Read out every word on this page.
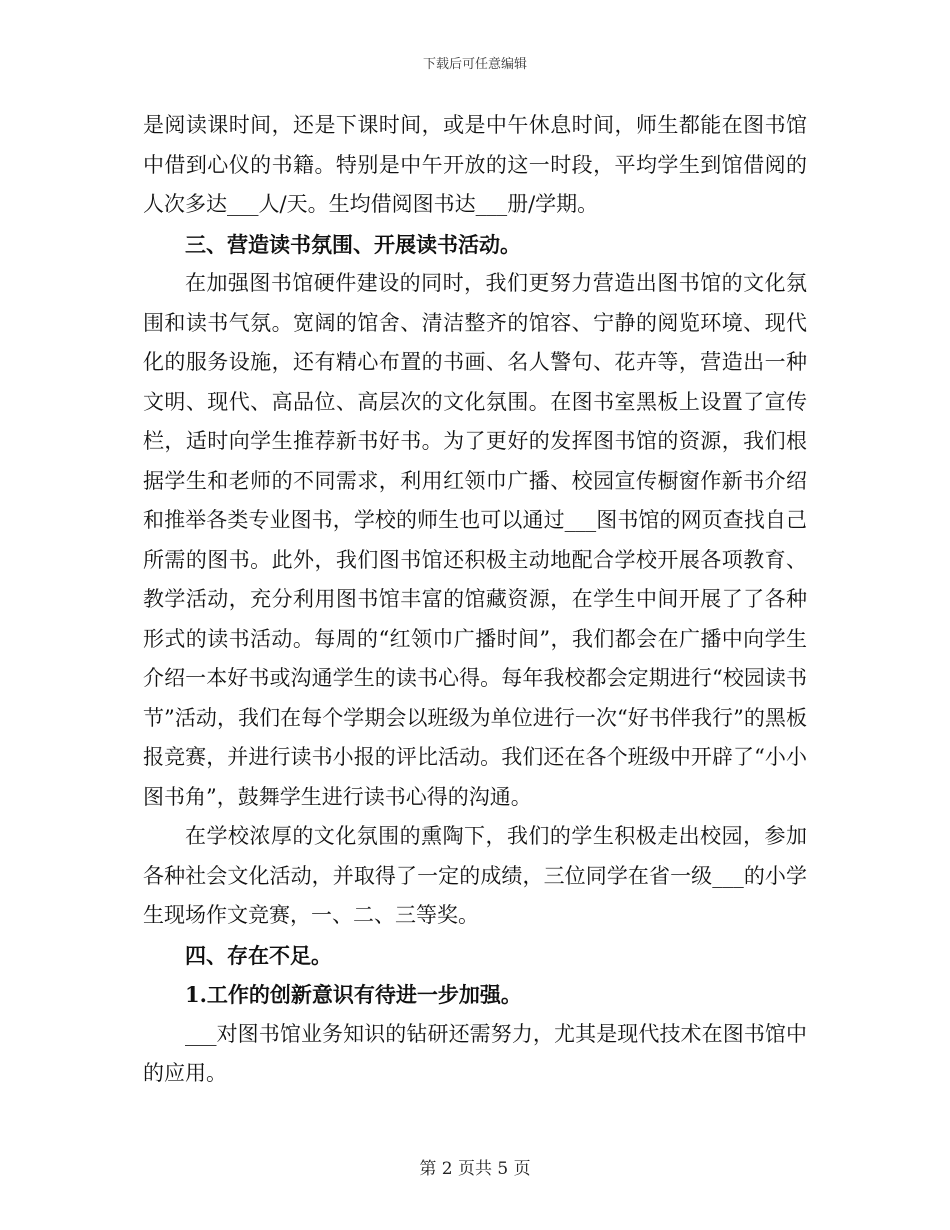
下载后可任意编辑

是阅读课时间，还是下课时间，或是中午休息时间，师生都能在图书馆中借到心仪的书籍。特别是中午开放的这一时段，平均学生到馆借阅的人次多达___人/天。生均借阅图书达___册/学期。

三、营造读书氛围、开展读书活动。

在加强图书馆硬件建设的同时，我们更努力营造出图书馆的文化氛围和读书气氛。宽阔的馆舍、清洁整齐的馆容、宁静的阅览环境、现代化的服务设施，还有精心布置的书画、名人警句、花卉等，营造出一种文明、现代、高品位、高层次的文化氛围。在图书室黑板上设置了宣传栏，适时向学生推荐新书好书。为了更好的发挥图书馆的资源，我们根据学生和老师的不同需求，利用红领巾广播、校园宣传橱窗作新书介绍和推举各类专业图书，学校的师生也可以通过___图书馆的网页查找自己所需的图书。此外，我们图书馆还积极主动地配合学校开展各项教育、教学活动，充分利用图书馆丰富的馆藏资源，在学生中间开展了了各种形式的读书活动。每周的“红领巾广播时间”，我们都会在广播中向学生介绍一本好书或沟通学生的读书心得。每年我校都会定期进行“校园读书节”活动，我们在每个学期会以班级为单位进行一次“好书伴我行”的黑板报竞赛，并进行读书小报的评比活动。我们还在各个班级中开辟了“小小图书角”，鼓舞学生进行读书心得的沟通。

在学校浓厚的文化氛围的熏陶下，我们的学生积极走出校园，参加各种社会文化活动，并取得了一定的成绩，三位同学在省一级___的小学生现场作文竞赛，一、二、三等奖。

四、存在不足。

1.工作的创新意识有待进一步加强。

___对图书馆业务知识的钻研还需努力，尤其是现代技术在图书馆中的应用。

第 2 页共 5 页
